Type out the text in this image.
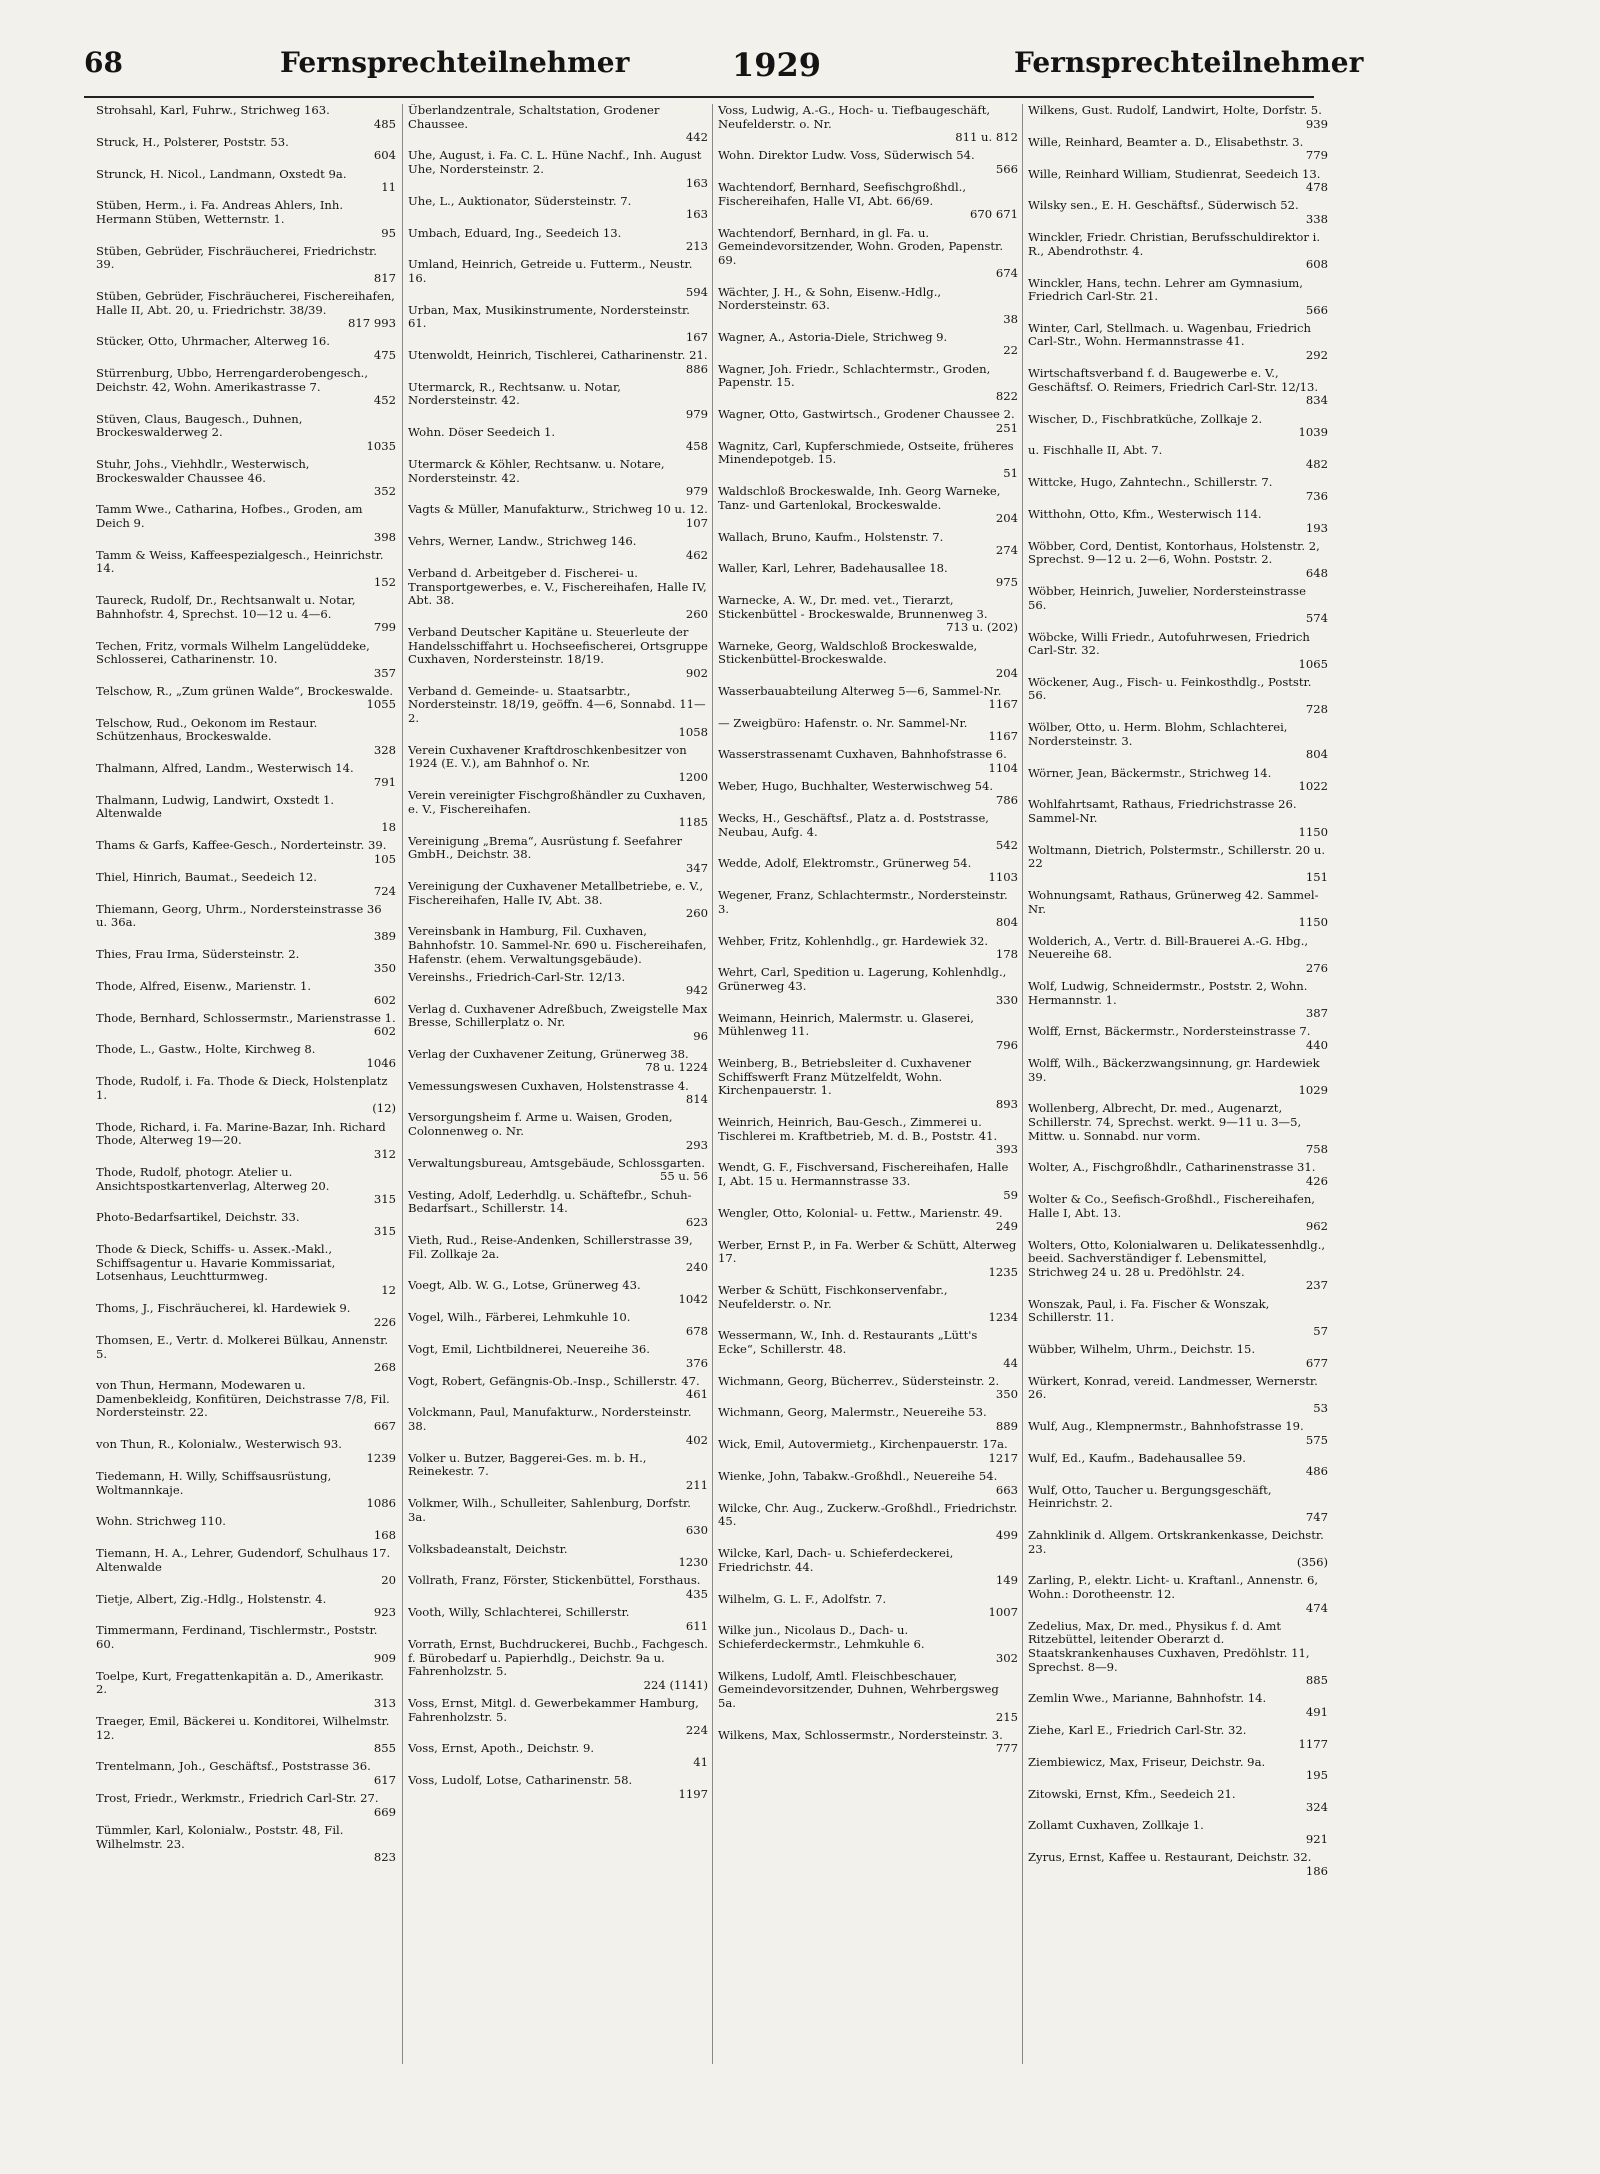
68	Fernsprechteilnehmer	1929	Fernsprechteilnehmer
Strohsahl, Karl, Fuhrw., Strichweg 163.
485
Struck, H., Polsterer, Poststr. 53.
604
Strunck, H. Nicol., Landmann, Oxstedt 9a.
11
Stüben, Herm., i. Fa. Andreas Ahlers, Inh. Hermann Stüben, Wetternstr. 1.
95
Stüben, Gebrüder, Fischräucherei, Friedrichstr. 39.
817
Stüben, Gebrüder, Fischräucherei, Fischereihafen, Halle II, Abt. 20, u. Friedrichstr. 38/39.
817 993
Stücker, Otto, Uhrmacher, Alterweg 16.
475
Stürrenburg, Ubbo, Herrengarderobengesch., Deichstr. 42, Wohn. Amerikastrasse 7.
452
Stüven, Claus, Baugesch., Duhnen, Brockeswalderweg 2.
1035
Stuhr, Johs., Viehhdlr., Westerwisch, Brockeswalder Chaussee 46.
352
Tamm Wwe., Catharina, Hofbes., Groden, am Deich 9.
398
Tamm & Weiss, Kaffeespezialgesch., Heinrichstr. 14.
152
Taureck, Rudolf, Dr., Rechtsanwalt u. Notar, Bahnhofstr. 4, Sprechst. 10—12 u. 4—6.
799
Techen, Fritz, vormals Wilhelm Langelüddeke, Schlosserei, Catharinenstr. 10.
357
Telschow, R., „Zum grünen Walde“, Brockeswalde.
1055
Telschow, Rud., Oekonom im Restaur. Schützenhaus, Brockeswalde.
328
Thalmann, Alfred, Landm., Westerwisch 14.
791
Thalmann, Ludwig, Landwirt, Oxstedt 1. Altenwalde
18
Thams & Garfs, Kaffee-Gesch., Norderteinstr. 39.
105
Thiel, Hinrich, Baumat., Seedeich 12.
724
Thiemann, Georg, Uhrm., Nordersteinstrasse 36 u. 36a.
389
Thies, Frau Irma, Südersteinstr. 2.
350
Thode, Alfred, Eisenw., Marienstr. 1.
602
Thode, Bernhard, Schlossermstr., Marienstrasse 1.
602
Thode, L., Gastw., Holte, Kirchweg 8.
1046
Thode, Rudolf, i. Fa. Thode & Dieck, Holstenplatz 1.
(12)
Thode, Richard, i. Fa. Marine-Bazar, Inh. Richard Thode, Alterweg 19—20.
312
Thode, Rudolf, photogr. Atelier u. Ansichtspostkartenverlag, Alterweg 20.
315
Photo-Bedarfsartikel, Deichstr. 33.
315
Thode & Dieck, Schiffs- u. Asseк.-Makl., Schiffsagentur u. Havarie Kommissariat, Lotsenhaus, Leuchtturmweg.
12
Thoms, J., Fischräucherei, kl. Hardewiek 9.
226
Thomsen, E., Vertr. d. Molkerei Bülkau, Annenstr. 5.
268
von Thun, Hermann, Modewaren u. Damenbekleidg, Konfitüren, Deichstrasse 7/8, Fil. Nordersteinstr. 22.
667
von Thun, R., Kolonialw., Westerwisch 93.
1239
Tiedemann, H. Willy, Schiffsausrüstung, Woltmannkaje.
1086
Wohn. Strichweg 110.
168
Tiemann, H. A., Lehrer, Gudendorf, Schulhaus 17. Altenwalde
20
Tietje, Albert, Zig.-Hdlg., Holstenstr. 4.
923
Timmermann, Ferdinand, Tischlermstr., Poststr. 60.
909
Toelpe, Kurt, Fregattenkapitän a. D., Amerikastr. 2.
313
Traeger, Emil, Bäckerei u. Konditorei, Wilhelmstr. 12.
855
Trentelmann, Joh., Geschäftsf., Poststrasse 36.
617
Trost, Friedr., Werkmstr., Friedrich Carl-Str. 27.
669
Tümmler, Karl, Kolonialw., Poststr. 48, Fil. Wilhelmstr. 23.
823
Überlandzentrale, Schaltstation, Grodener Chaussee.
442
Uhe, August, i. Fa. C. L. Hüne Nachf., Inh. August Uhe, Nordersteinstr. 2.
163
Uhe, L., Auktionator, Südersteinstr. 7.
163
Umbach, Eduard, Ing., Seedeich 13.
213
Umland, Heinrich, Getreide u. Futterm., Neustr. 16.
594
Urban, Max, Musikinstrumente, Nordersteinstr. 61.
167
Utenwoldt, Heinrich, Tischlerei, Catharinenstr. 21.
886
Utermarck, R., Rechtsanw. u. Notar, Nordersteinstr. 42.
979
Wohn. Döser Seedeich 1.
458
Utermarck & Köhler, Rechtsanw. u. Notare, Nordersteinstr. 42.
979
Vagts & Müller, Manufakturw., Strichweg 10 u. 12.
107
Vehrs, Werner, Landw., Strichweg 146.
462
Verband d. Arbeitgeber d. Fischerei- u. Transportgewerbes, e. V., Fischereihafen, Halle IV, Abt. 38.
260
Verband Deutscher Kapitäne u. Steuerleute der Handelsschiffahrt u. Hochseefischerei, Ortsgruppe Cuxhaven, Nordersteinstr. 18/19.
902
Verband d. Gemeinde- u. Staatsarbtr., Nordersteinstr. 18/19, geöffn. 4—6, Sonnabd. 11—2.
1058
Verein Cuxhavener Kraftdroschkenbesitzer von 1924 (E. V.), am Bahnhof o. Nr.
1200
Verein vereinigter Fischgroßhändler zu Cuxhaven, e. V., Fischereihafen.
1185
Vereinigung „Brema“, Ausrüstung f. Seefahrer GmbH., Deichstr. 38.
347
Vereinigung der Cuxhavener Metallbetriebe, e. V., Fischereihafen, Halle IV, Abt. 38.
260
Vereinsbank in Hamburg, Fil. Cuxhaven, Bahnhofstr. 10. Sammel-Nr. 690 u. Fischereihafen, Hafenstr. (ehem. Verwaltungsgebäude).
Vereinshs., Friedrich-Carl-Str. 12/13.
942
Verlag d. Cuxhavener Adreßbuch, Zweigstelle Max Bresse, Schillerplatz o. Nr.
96
Verlag der Cuxhavener Zeitung, Grünerweg 38.
78 u. 1224
Vemessungswesen Cuxhaven, Holstenstrasse 4.
814
Versorgungsheim f. Arme u. Waisen, Groden, Colonnenweg o. Nr.
293
Verwaltungsbureau, Amtsgebäude, Schlossgarten.
55 u. 56
Vesting, Adolf, Lederhdlg. u. Schäftefbr., Schuh-Bedarfsart., Schillerstr. 14.
623
Vieth, Rud., Reise-Andenken, Schillerstrasse 39, Fil. Zollkaje 2a.
240
Voegt, Alb. W. G., Lotse, Grünerweg 43.
1042
Vogel, Wilh., Färberei, Lehmkuhle 10.
678
Vogt, Emil, Lichtbildnerei, Neuereihe 36.
376
Vogt, Robert, Gefängnis-Ob.-Insp., Schillerstr. 47.
461
Volckmann, Paul, Manufakturw., Nordersteinstr. 38.
402
Volker u. Butzer, Baggerei-Ges. m. b. H., Reinekestr. 7.
211
Volkmer, Wilh., Schulleiter, Sahlenburg, Dorfstr. 3a.
630
Volksbadeanstalt, Deichstr.
1230
Vollrath, Franz, Förster, Stickenbüttel, Forsthaus.
435
Vooth, Willy, Schlachterei, Schillerstr.
611
Vorrath, Ernst, Buchdruckerei, Buchb., Fachgesch. f. Bürobedarf u. Papierhdlg., Deichstr. 9a u. Fahrenholzstr. 5.
224 (1141)
Voss, Ernst, Mitgl. d. Gewerbekammer Hamburg, Fahrenholzstr. 5.
224
Voss, Ernst, Apoth., Deichstr. 9.
41
Voss, Ludolf, Lotse, Catharinenstr. 58.
1197
Voss, Ludwig, A.-G., Hoch- u. Tiefbaugeschäft, Neufelderstr. o. Nr.
811 u. 812
Wohn. Direktor Ludw. Voss, Süderwisch 54.
566
Wachtendorf, Bernhard, Seefischgroßhdl., Fischereihafen, Halle VI, Abt. 66/69.
670 671
Wachtendorf, Bernhard, in gl. Fa. u. Gemeindevorsitzender, Wohn. Groden, Papenstr. 69.
674
Wächter, J. H., & Sohn, Eisenw.-Hdlg., Nordersteinstr. 63.
38
Wagner, A., Astoria-Diele, Strichweg 9.
22
Wagner, Joh. Friedr., Schlachtermstr., Groden, Papenstr. 15.
822
Wagner, Otto, Gastwirtsch., Grodener Chaussee 2.
251
Wagnitz, Carl, Kupferschmiede, Ostseite, früheres Minendepotgeb. 15.
51
Waldschloß Brockeswalde, Inh. Georg Warneke, Tanz- und Gartenlokal, Brockeswalde.
204
Wallach, Bruno, Kaufm., Holstenstr. 7.
274
Waller, Karl, Lehrer, Badehausallee 18.
975
Warnecke, A. W., Dr. med. vet., Tierarzt, Stickenbüttel - Brockeswalde, Brunnenweg 3.
713 u. (202)
Warneke, Georg, Waldschloß Brockeswalde, Stickenbüttel-Brockeswalde.
204
Wasserbauabteilung Alterweg 5—6, Sammel-Nr.
1167
— Zweigbüro: Hafenstr. o. Nr. Sammel-Nr.
1167
Wasserstrassenamt Cuxhaven, Bahnhofstrasse 6.
1104
Weber, Hugo, Buchhalter, Westerwischweg 54.
786
Wecks, H., Geschäftsf., Platz a. d. Poststrasse, Neubau, Aufg. 4.
542
Wedde, Adolf, Elektromstr., Grünerweg 54.
1103
Wegener, Franz, Schlachtermstr., Nordersteinstr. 3.
804
Wehber, Fritz, Kohlenhdlg., gr. Hardewiek 32.
178
Wehrt, Carl, Spedition u. Lagerung, Kohlenhdlg., Grünerweg 43.
330
Weimann, Heinrich, Malermstr. u. Glaserei, Mühlenweg 11.
796
Weinberg, B., Betriebsleiter d. Cuxhavener Schiffswerft Franz Mützelfeldt, Wohn. Kirchenpauerstr. 1.
893
Weinrich, Heinrich, Bau-Gesch., Zimmerei u. Tischlerei m. Kraftbetrieb, M. d. B., Poststr. 41.
393
Wendt, G. F., Fischversand, Fischereihafen, Halle I, Abt. 15 u. Hermannstrasse 33.
59
Wengler, Otto, Kolonial- u. Fettw., Marienstr. 49.
249
Werber, Ernst P., in Fa. Werber & Schütt, Alterweg 17.
1235
Werber & Schütt, Fischkonservenfabr., Neufelderstr. o. Nr.
1234
Wessermann, W., Inh. d. Restaurants „Lütt's Ecke“, Schillerstr. 48.
44
Wichmann, Georg, Bücherrev., Südersteinstr. 2.
350
Wichmann, Georg, Malermstr., Neuereihe 53.
889
Wick, Emil, Autovermietg., Kirchenpauerstr. 17a.
1217
Wienke, John, Tabakw.-Großhdl., Neuereihe 54.
663
Wilcke, Chr. Aug., Zuckerw.-Großhdl., Friedrichstr. 45.
499
Wilcke, Karl, Dach- u. Schieferdeckerei, Friedrichstr. 44.
149
Wilhelm, G. L. F., Adolfstr. 7.
1007
Wilke jun., Nicolaus D., Dach- u. Schieferdeckermstr., Lehmkuhle 6.
302
Wilkens, Ludolf, Amtl. Fleischbeschauer, Gemeindevorsitzender, Duhnen, Wehrbergsweg 5a.
215
Wilkens, Max, Schlossermstr., Nordersteinstr. 3.
777
Wilkens, Gust. Rudolf, Landwirt, Holte, Dorfstr. 5.
939
Wille, Reinhard, Beamter a. D., Elisabethstr. 3.
779
Wille, Reinhard William, Studienrat, Seedeich 13.
478
Wilsky sen., E. H. Geschäftsf., Süderwisch 52.
338
Winckler, Friedr. Christian, Berufsschuldirektor i. R., Abendrothstr. 4.
608
Winckler, Hans, techn. Lehrer am Gymnasium, Friedrich Carl-Str. 21.
566
Winter, Carl, Stellmach. u. Wagenbau, Friedrich Carl-Str., Wohn. Hermannstrasse 41.
292
Wirtschaftsverband f. d. Baugewerbe e. V., Geschäftsf. O. Reimers, Friedrich Carl-Str. 12/13.
834
Wischer, D., Fischbratküche, Zollkaje 2.
1039
u. Fischhalle II, Abt. 7.
482
Wittcke, Hugo, Zahntechn., Schillerstr. 7.
736
Witthohn, Otto, Kfm., Westerwisch 114.
193
Wöbber, Cord, Dentist, Kontorhaus, Holstenstr. 2, Sprechst. 9—12 u. 2—6, Wohn. Poststr. 2.
648
Wöbber, Heinrich, Juwelier, Nordersteinstrasse 56.
574
Wöbcke, Willi Friedr., Autofuhrwesen, Friedrich Carl-Str. 32.
1065
Wöckener, Aug., Fisch- u. Feinkosthdlg., Poststr. 56.
728
Wölber, Otto, u. Herm. Blohm, Schlachterei, Nordersteinstr. 3.
804
Wörner, Jean, Bäckermstr., Strichweg 14.
1022
Wohlfahrtsamt, Rathaus, Friedrichstrasse 26. Sammel-Nr.
1150
Woltmann, Dietrich, Polstermstr., Schillerstr. 20 u. 22
151
Wohnungsamt, Rathaus, Grünerweg 42. Sammel-Nr.
1150
Wolderich, A., Vertr. d. Bill-Brauerei A.-G. Hbg., Neuereihe 68.
276
Wolf, Ludwig, Schneidermstr., Poststr. 2, Wohn. Hermannstr. 1.
387
Wolff, Ernst, Bäckermstr., Nordersteinstrasse 7.
440
Wolff, Wilh., Bäckerzwangsinnung, gr. Hardewiek 39.
1029
Wollenberg, Albrecht, Dr. med., Augenarzt, Schillerstr. 74, Sprechst. werkt. 9—11 u. 3—5, Mittw. u. Sonnabd. nur vorm.
758
Wolter, A., Fischgroßhdlr., Catharinenstrasse 31.
426
Wolter & Co., Seefisch-Großhdl., Fischereihafen, Halle I, Abt. 13.
962
Wolters, Otto, Kolonialwaren u. Delikatessenhdlg., beeid. Sachverständiger f. Lebensmittel, Strichweg 24 u. 28 u. Predöhlstr. 24.
237
Wonszak, Paul, i. Fa. Fischer & Wonszak, Schillerstr. 11.
57
Wübber, Wilhelm, Uhrm., Deichstr. 15.
677
Würkert, Konrad, vereid. Landmesser, Wernerstr. 26.
53
Wulf, Aug., Klempnermstr., Bahnhofstrasse 19.
575
Wulf, Ed., Kaufm., Badehausallee 59.
486
Wulf, Otto, Taucher u. Bergungsgeschäft, Heinrichstr. 2.
747
Zahnklinik d. Allgem. Ortskrankenkasse, Deichstr. 23.
(356)
Zarling, P., elektr. Licht- u. Kraftanl., Annenstr. 6, Wohn.: Dorotheenstr. 12.
474
Zedelius, Max, Dr. med., Physikus f. d. Amt Ritzebüttel, leitender Oberarzt d. Staatskrankenhauses Cuxhaven, Predöhlstr. 11, Sprechst. 8—9.
885
Zemlin Wwe., Marianne, Bahnhofstr. 14.
491
Ziehe, Karl E., Friedrich Carl-Str. 32.
1177
Ziembiewicz, Max, Friseur, Deichstr. 9a.
195
Zitowski, Ernst, Kfm., Seedeich 21.
324
Zollamt Cuxhaven, Zollkaje 1.
921
Zyrus, Ernst, Kaffee u. Restaurant, Deichstr. 32.
186
